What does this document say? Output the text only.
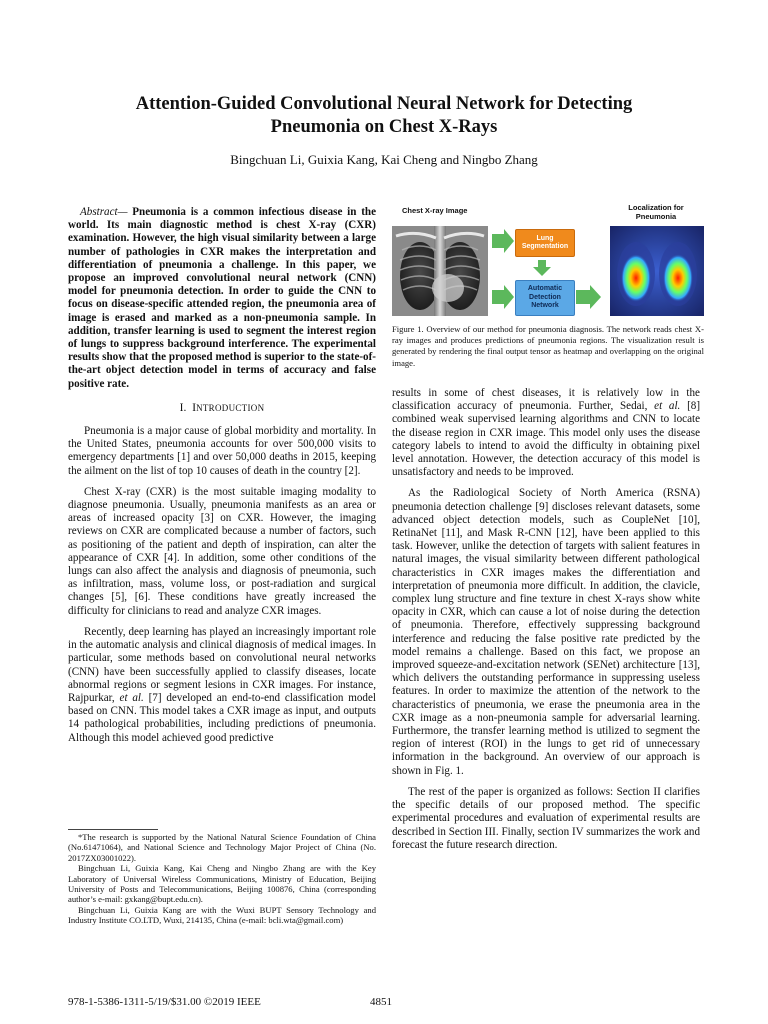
Attention-Guided Convolutional Neural Network for Detecting
Pneumonia on Chest X-Rays

Bingchuan Li, Guixia Kang, Kai Cheng and Ningbo Zhang

Abstract— Pneumonia is a common infectious disease in the world. Its main diagnostic method is chest X-ray (CXR) examination. However, the high visual similarity between a large number of pathologies in CXR makes the interpretation and differentiation of pneumonia a challenge. In this paper, we propose an improved convolutional neural network (CNN) model for pneumonia detection. In order to guide the CNN to focus on disease-specific attended region, the pneumonia area of image is erased and marked as a non-pneumonia sample. In addition, transfer learning is used to segment the interest region of lungs to suppress background interference. The experimental results show that the proposed method is superior to the state-of-the-art object detection model in terms of accuracy and false positive rate.

I. INTRODUCTION

Pneumonia is a major cause of global morbidity and mortality. In the United States, pneumonia accounts for over 500,000 visits to emergency departments [1] and over 50,000 deaths in 2015, keeping the ailment on the list of top 10 causes of death in the country [2].

Chest X-ray (CXR) is the most suitable imaging modality to diagnose pneumonia. Usually, pneumonia manifests as an area or areas of increased opacity [3] on CXR. However, the imaging reviews on CXR are complicated because a number of factors, such as positioning of the patient and depth of inspiration, can alter the appearance of CXR [4]. In addition, some other conditions of the lungs can also affect the analysis and diagnosis of pneumonia, such as infiltration, mass, volume loss, or post-radiation and surgical changes [5], [6]. These conditions have greatly increased the difficulty for clinicians to read and analyze CXR images.

Recently, deep learning has played an increasingly important role in the automatic analysis and clinical diagnosis of medical images. In particular, some methods based on convolutional neural networks (CNN) have been successfully applied to classify diseases, locate abnormal regions or segment lesions in CXR images. For instance, Rajpurkar, et al. [7] developed an end-to-end classification model based on CNN. This model takes a CXR image as input, and outputs 14 pathological probabilities, including predictions of pneumonia. Although this model achieved good predictive

*The research is supported by the National Natural Science Foundation of China (No.61471064), and National Science and Technology Major Project of China (No. 2017ZX03001022).

Bingchuan Li, Guixia Kang, Kai Cheng and Ningbo Zhang are with the Key Laboratory of Universal Wireless Communications, Ministry of Education, Beijing University of Posts and Telecommunications, Beijing 100876, China (corresponding author’s e-mail: gxkang@bupt.edu.cn).

Bingchuan Li, Guixia Kang are with the Wuxi BUPT Sensory Technology and Industry Institute CO.LTD, Wuxi, 214135, China (e-mail: bcli.wta@gmail.com)

Chest X-ray Image	Localization for Pneumonia
Lung Segmentation
Automatic Detection Network
Figure 1. Overview of our method for pneumonia diagnosis. The network reads chest X-ray images and produces predictions of pneumonia regions. The visualization result is generated by rendering the final output tensor as heatmap and overlapping on the original image.

results in some of chest diseases, it is relatively low in the classification accuracy of pneumonia. Further, Sedai, et al. [8] combined weak supervised learning algorithms and CNN to locate the disease region in CXR image. This model only uses the disease category labels to intend to avoid the difficulty in obtaining pixel level annotation. However, the detection accuracy of this model is unsatisfactory and needs to be improved.

As the Radiological Society of North America (RSNA) pneumonia detection challenge [9] discloses relevant datasets, some advanced object detection models, such as CoupleNet [10], RetinaNet [11], and Mask R-CNN [12], have been applied to this task. However, unlike the detection of targets with salient features in natural images, the visual similarity between different pathological characteristics in CXR images makes the differentiation and interpretation of pneumonia more difficult. In addition, the clavicle, complex lung structure and fine texture in chest X-rays show white opacity in CXR, which can cause a lot of noise during the detection of pneumonia. Therefore, effectively suppressing background interference and reducing the false positive rate predicted by the model remains a challenge. Based on this fact, we propose an improved squeeze-and-excitation network (SENet) architecture [13], which delivers the outstanding performance in suppressing useless features. In order to maximize the attention of the network to the characteristics of pneumonia, we erase the pneumonia area in the CXR image as a non-pneumonia sample for adversarial learning. Furthermore, the transfer learning method is utilized to segment the region of interest (ROI) in the lungs to get rid of unnecessary information in the background. An overview of our approach is shown in Fig. 1.

The rest of the paper is organized as follows: Section II clarifies the specific details of our proposed method. The specific experimental procedures and evaluation of experimental results are described in Section III. Finally, section IV summarizes the work and forecast the future research direction.

978-1-5386-1311-5/19/$31.00 ©2019 IEEE	4851
